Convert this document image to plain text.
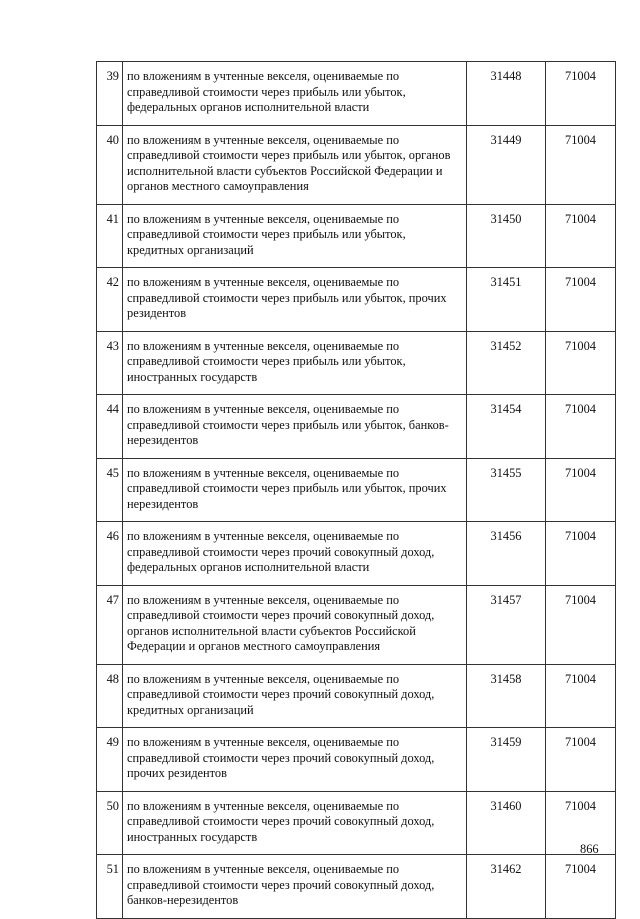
39	по вложениям в учтенные векселя, оцениваемые по справедливой стоимости через прибыль или убыток, федеральных органов исполнительной власти	31448	71004
40	по вложениям в учтенные векселя, оцениваемые по справедливой стоимости через прибыль или убыток, органов исполнительной власти субъектов Российской Федерации и органов местного самоуправления	31449	71004
41	по вложениям в учтенные векселя, оцениваемые по справедливой стоимости через прибыль или убыток, кредитных организаций	31450	71004
42	по вложениям в учтенные векселя, оцениваемые по справедливой стоимости через прибыль или убыток, прочих резидентов	31451	71004
43	по вложениям в учтенные векселя, оцениваемые по справедливой стоимости через прибыль или убыток, иностранных государств	31452	71004
44	по вложениям в учтенные векселя, оцениваемые по справедливой стоимости через прибыль или убыток, банков-нерезидентов	31454	71004
45	по вложениям в учтенные векселя, оцениваемые по справедливой стоимости через прибыль или убыток, прочих нерезидентов	31455	71004
46	по вложениям в учтенные векселя, оцениваемые по справедливой стоимости через прочий совокупный доход, федеральных органов исполнительной власти	31456	71004
47	по вложениям в учтенные векселя, оцениваемые по справедливой стоимости через прочий совокупный доход, органов исполнительной власти субъектов Российской Федерации и органов местного самоуправления	31457	71004
48	по вложениям в учтенные векселя, оцениваемые по справедливой стоимости через прочий совокупный доход, кредитных организаций	31458	71004
49	по вложениям в учтенные векселя, оцениваемые по справедливой стоимости через прочий совокупный доход, прочих резидентов	31459	71004
50	по вложениям в учтенные векселя, оцениваемые по справедливой стоимости через прочий совокупный доход, иностранных государств	31460	71004
51	по вложениям в учтенные векселя, оцениваемые по справедливой стоимости через прочий совокупный доход, банков-нерезидентов	31462	71004
866
